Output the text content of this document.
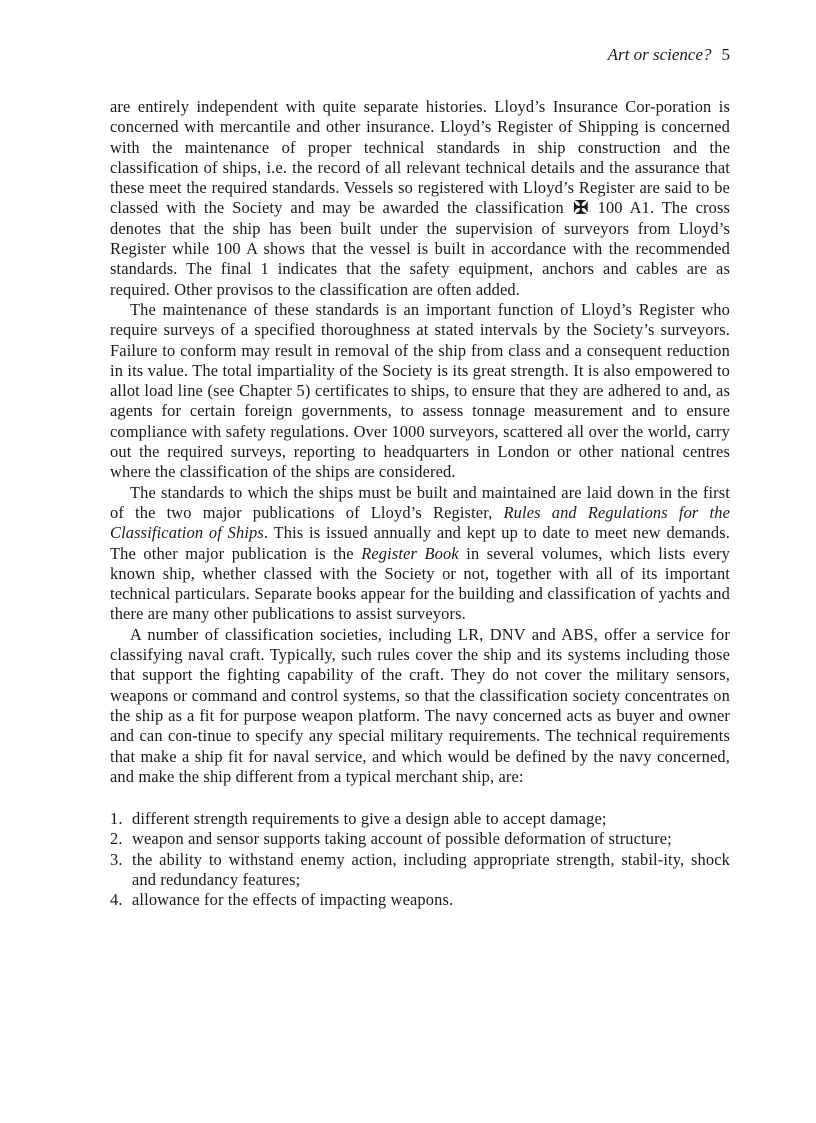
Art or science? 5

are entirely independent with quite separate histories. Lloyd’s Insurance Cor-poration is concerned with mercantile and other insurance. Lloyd’s Register of Shipping is concerned with the maintenance of proper technical standards in ship construction and the classification of ships, i.e. the record of all relevant technical details and the assurance that these meet the required standards. Vessels so registered with Lloyd’s Register are said to be classed with the Society and may be awarded the classification ✠ 100 A1. The cross denotes that the ship has been built under the supervision of surveyors from Lloyd’s Register while 100 A shows that the vessel is built in accordance with the recommended standards. The final 1 indicates that the safety equipment, anchors and cables are as required. Other provisos to the classification are often added.

The maintenance of these standards is an important function of Lloyd’s Register who require surveys of a specified thoroughness at stated intervals by the Society’s surveyors. Failure to conform may result in removal of the ship from class and a consequent reduction in its value. The total impartiality of the Society is its great strength. It is also empowered to allot load line (see Chapter 5) certificates to ships, to ensure that they are adhered to and, as agents for certain foreign governments, to assess tonnage measurement and to ensure compliance with safety regulations. Over 1000 surveyors, scattered all over the world, carry out the required surveys, reporting to headquarters in London or other national centres where the classification of the ships are considered.

The standards to which the ships must be built and maintained are laid down in the first of the two major publications of Lloyd’s Register, Rules and Regulations for the Classification of Ships. This is issued annually and kept up to date to meet new demands. The other major publication is the Register Book in several volumes, which lists every known ship, whether classed with the Society or not, together with all of its important technical particulars. Separate books appear for the building and classification of yachts and there are many other publications to assist surveyors.

A number of classification societies, including LR, DNV and ABS, offer a service for classifying naval craft. Typically, such rules cover the ship and its systems including those that support the fighting capability of the craft. They do not cover the military sensors, weapons or command and control systems, so that the classification society concentrates on the ship as a fit for purpose weapon platform. The navy concerned acts as buyer and owner and can con-tinue to specify any special military requirements. The technical requirements that make a ship fit for naval service, and which would be defined by the navy concerned, and make the ship different from a typical merchant ship, are:

1. different strength requirements to give a design able to accept damage;
2. weapon and sensor supports taking account of possible deformation of structure;
3. the ability to withstand enemy action, including appropriate strength, stabil-ity, shock and redundancy features;
4. allowance for the effects of impacting weapons.
